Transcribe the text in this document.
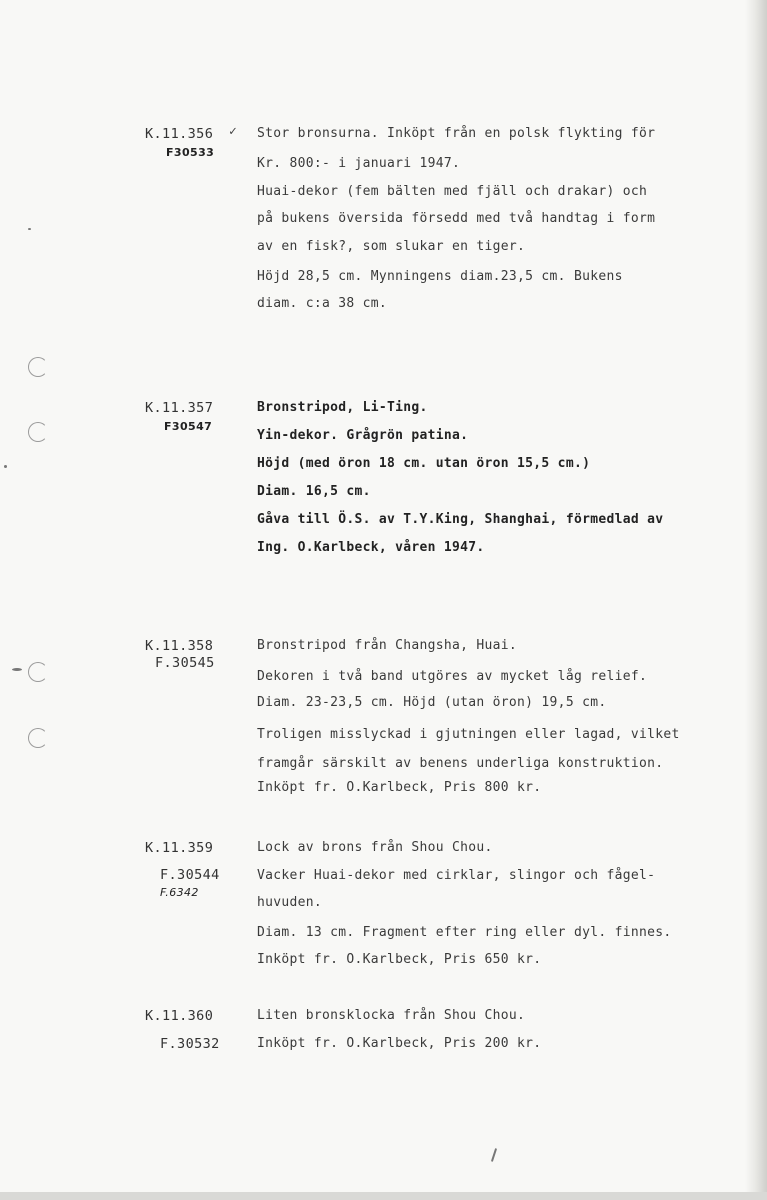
K.11.356 ✓
F30533
Stor bronsurna. Inköpt från en polsk flykting för
Kr. 800:- i januari 1947.
Huai-dekor (fem bälten med fjäll och drakar) och
på bukens översida försedd med två handtag i form
av en fisk?, som slukar en tiger.
Höjd 28,5 cm. Mynningens diam.23,5 cm. Bukens
diam. c:a 38 cm.
K.11.357
F30547
Bronstripod, Li-Ting.
Yin-dekor. Grågrön patina.
Höjd (med öron 18 cm. utan öron 15,5 cm.)
Diam. 16,5 cm.
Gåva till Ö.S. av T.Y.King, Shanghai, förmedlad av
Ing. O.Karlbeck, våren 1947.
K.11.358
F.30545
Bronstripod från Changsha, Huai.
Dekoren i två band utgöres av mycket låg relief.
Diam. 23-23,5 cm. Höjd (utan öron) 19,5 cm.
Troligen misslyckad i gjutningen eller lagad, vilket
framgår särskilt av benens underliga konstruktion.
Inköpt fr. O.Karlbeck, Pris 800 kr.
K.11.359
F.30544
F.6342
Lock av brons från Shou Chou.
Vacker Huai-dekor med cirklar, slingor och fågel-
huvuden.
Diam. 13 cm. Fragment efter ring eller dyl. finnes.
Inköpt fr. O.Karlbeck, Pris 650 kr.
K.11.360
F.30532
Liten bronsklocka från Shou Chou.
Inköpt fr. O.Karlbeck, Pris 200 kr.
